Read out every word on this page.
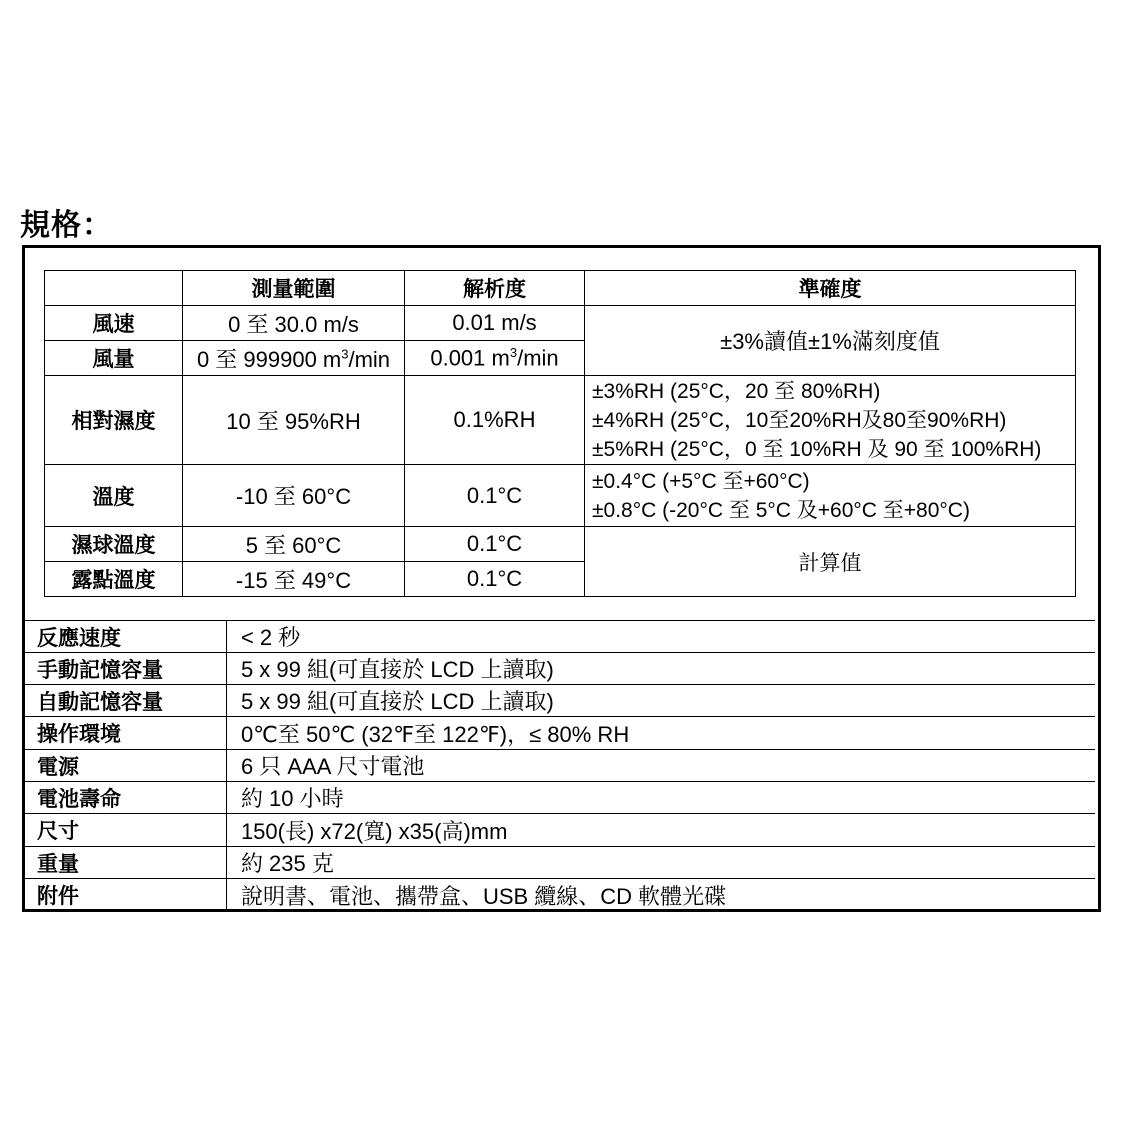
規格：
	測量範圍	解析度	準確度
風速	0 至 30.0 m/s	0.01 m/s	±3%讀值±1%滿刻度值
風量	0 至 999900 $m^3/\min$	0.001 $m^3/\min$	
相對濕度	10 至 95%RH	0.1%RH	±3%RH (25°C，20 至 80%RH)
±4%RH (25°C，10至20%RH及80至90%RH)
±5%RH (25°C，0 至 10%RH 及 90 至 100%RH)

溫度	-10 至 60°C	0.1°C	±0.4°C (+5°C 至+60°C)
±0.8°C (-20°C 至 5°C 及+60°C 至+80°C)

濕球溫度	5 至 60°C	0.1°C	計算值
露點溫度	-15 至 49°C	0.1°C	
反應速度	< 2 秒
手動記憶容量	5 x 99 組(可直接於 LCD 上讀取)
自動記憶容量	5 x 99 組(可直接於 LCD 上讀取)
操作環境	0℃至 50℃ (32℉至 122℉)，≤ 80% RH
電源	6 只 AAA 尺寸電池
電池壽命	約 10 小時
尺寸	150(長) x72(寬) x35(高)mm
重量	約 235 克
附件	說明書、電池、攜帶盒、USB 纜線、CD 軟體光碟
